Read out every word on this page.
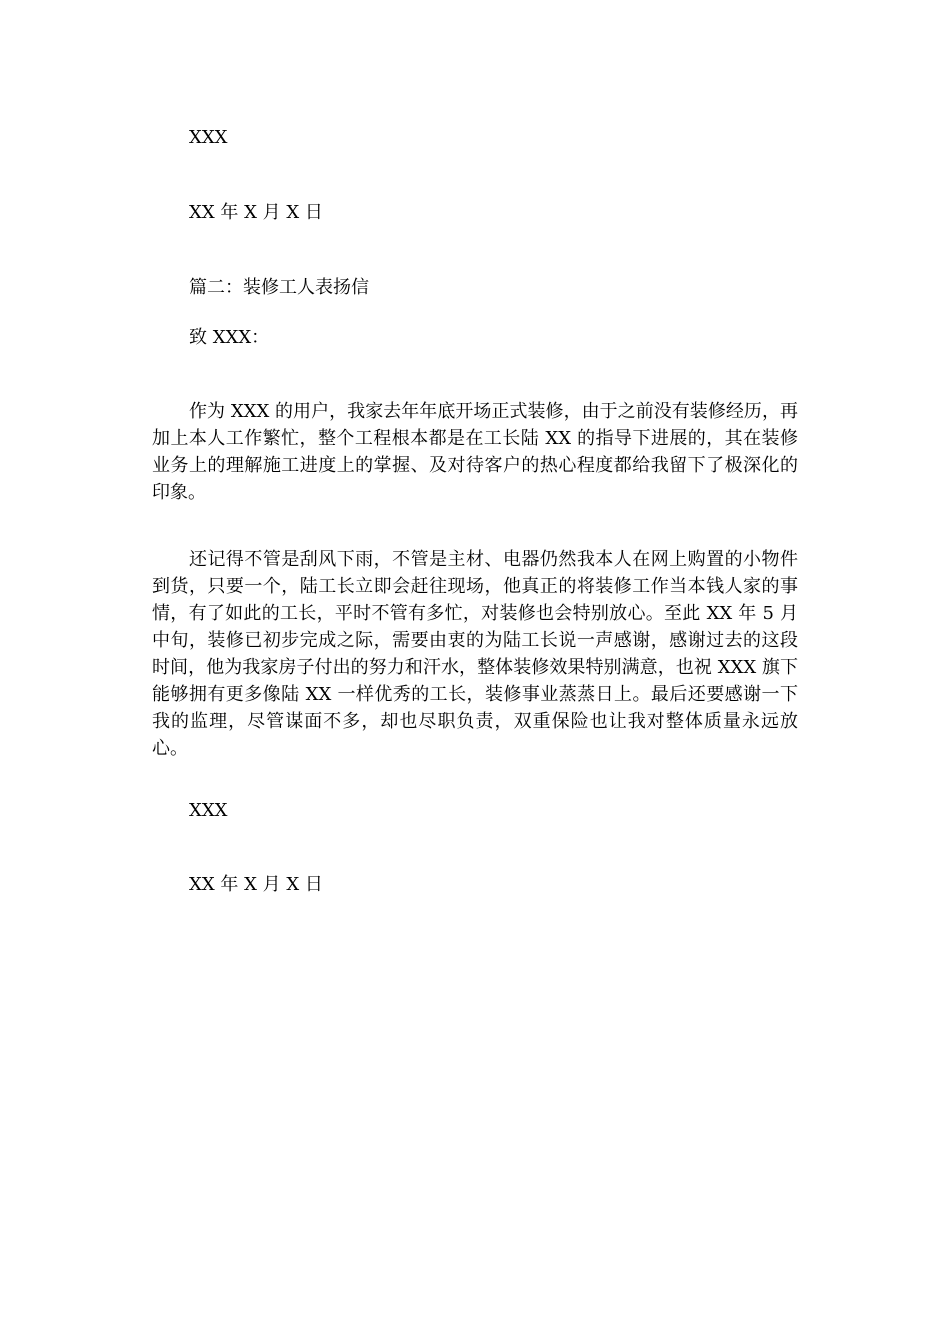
XXX
XX 年 X 月 X 日
篇二：装修工人表扬信
致 XXX：

作为 XXX 的用户，我家去年年底开场正式装修，由于之前没有装修经历，再加上本人工作繁忙，整个工程根本都是在工长陆 XX 的指导下进展的，其在装修业务上的理解施工进度上的掌握、及对待客户的热心程度都给我留下了极深化的印象。

还记得不管是刮风下雨，不管是主材、电器仍然我本人在网上购置的小物件到货，只要一个，陆工长立即会赶往现场，他真正的将装修工作当本钱人家的事情，有了如此的工长，平时不管有多忙，对装修也会特别放心。至此 XX 年 5 月中旬，装修已初步完成之际，需要由衷的为陆工长说一声感谢，感谢过去的这段时间，他为我家房子付出的努力和汗水，整体装修效果特别满意，也祝 XXX 旗下能够拥有更多像陆 XX 一样优秀的工长，装修事业蒸蒸日上。最后还要感谢一下我的监理，尽管谋面不多，却也尽职负责，双重保险也让我对整体质量永远放心。

XXX
XX 年 X 月 X 日
